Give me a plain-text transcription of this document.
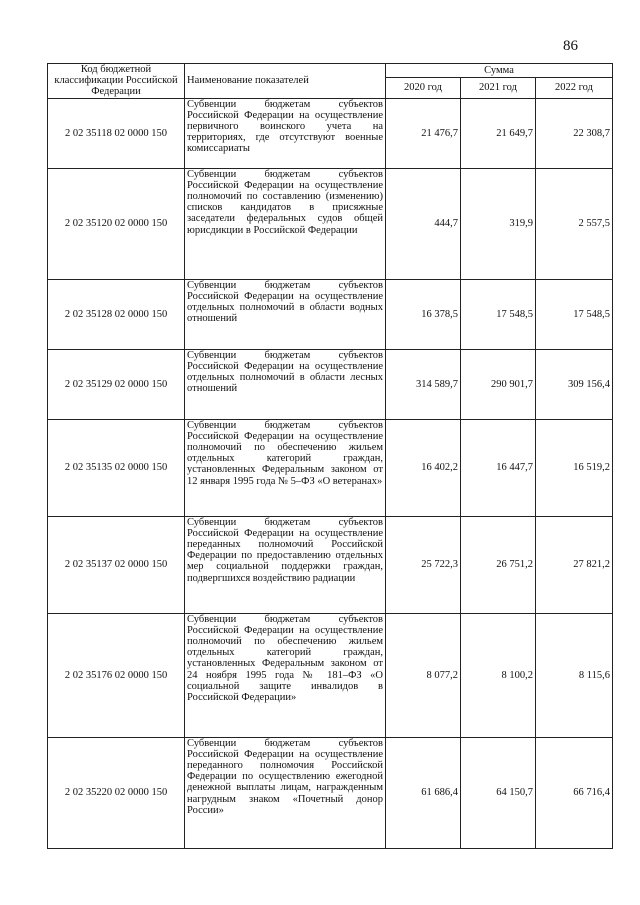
86
Код бюджетной классификации Российской Федерации	Наименование показателей	Сумма		
		2020 год	2021 год	2022 год
2 02 35118 02 0000 150	Субвенции бюджетам субъектов Российской Федерации на осуществление первичного воинского учета на территориях, где отсутствуют военные комиссариаты	21 476,7	21 649,7	22 308,7
2 02 35120 02 0000 150	Субвенции бюджетам субъектов Российской Федерации на осуществление полномочий по составлению (изменению) списков кандидатов в присяжные заседатели федеральных судов общей юрисдикции в Российской Федерации	444,7	319,9	2 557,5
2 02 35128 02 0000 150	Субвенции бюджетам субъектов Российской Федерации на осуществление отдельных полномочий в области водных отношений	16 378,5	17 548,5	17 548,5
2 02 35129 02 0000 150	Субвенции бюджетам субъектов Российской Федерации на осуществление отдельных полномочий в области лесных отношений	314 589,7	290 901,7	309 156,4
2 02 35135 02 0000 150	Субвенции бюджетам субъектов Российской Федерации на осуществление полномочий по обеспечению жильем отдельных категорий граждан, установленных Федеральным законом от 12 января 1995 года № 5–ФЗ «О ветеранах»	16 402,2	16 447,7	16 519,2
2 02 35137 02 0000 150	Субвенции бюджетам субъектов Российской Федерации на осуществление переданных полномочий Российской Федерации по предоставлению отдельных мер социальной поддержки граждан, подвергшихся воздействию радиации	25 722,3	26 751,2	27 821,2
2 02 35176 02 0000 150	Субвенции бюджетам субъектов Российской Федерации на осуществление полномочий по обеспечению жильем отдельных категорий граждан, установленных Федеральным законом от 24 ноября 1995 года № 181–ФЗ «О социальной защите инвалидов в Российской Федерации»	8 077,2	8 100,2	8 115,6
2 02 35220 02 0000 150	Субвенции бюджетам субъектов Российской Федерации на осуществление переданного полномочия Российской Федерации по осуществлению ежегодной денежной выплаты лицам, награжденным нагрудным знаком «Почетный донор России»	61 686,4	64 150,7	66 716,4
